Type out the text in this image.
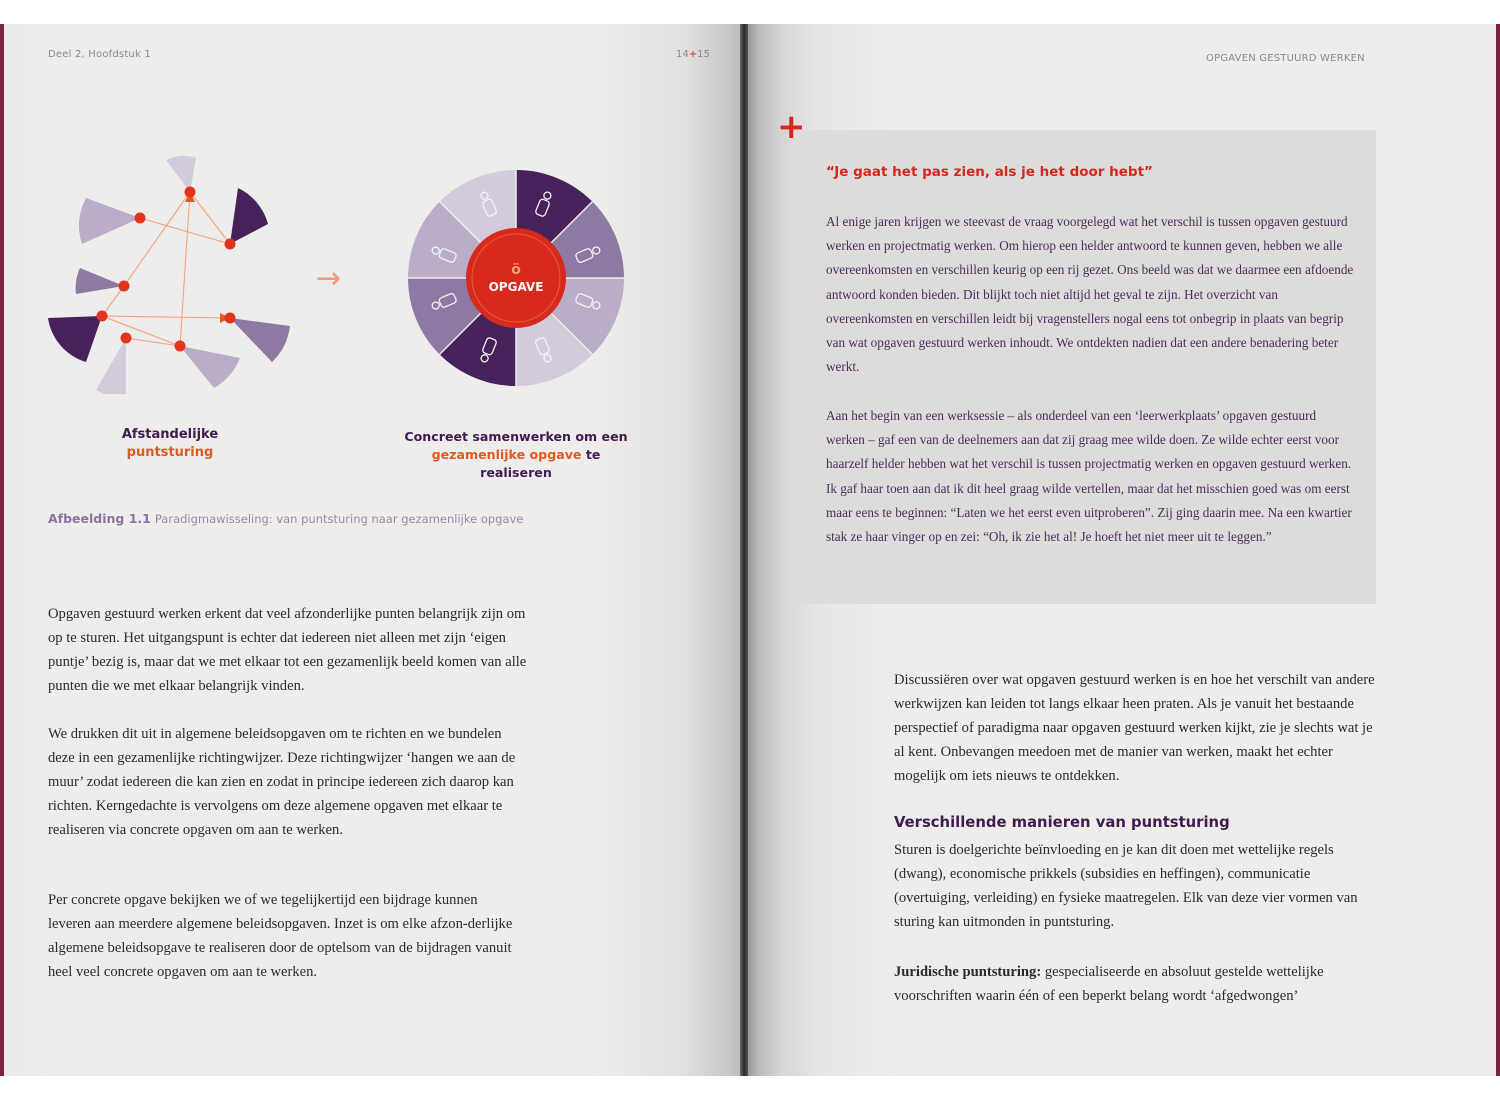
Deel 2, Hoofdstuk 1	14+15
Afstandelijke
puntsturing
→	OPGAVE
ö
Concreet samenwerken om een
gezamenlijke opgave te realiseren
Afbeelding 1.1 Paradigmawisseling: van puntsturing naar gezamenlijke opgave

Opgaven gestuurd werken erkent dat veel afzonderlijke punten belangrijk zijn om op te sturen. Het uitgangspunt is echter dat iedereen niet alleen met zijn ‘eigen puntje’ bezig is, maar dat we met elkaar tot een gezamenlijk beeld komen van alle punten die we met elkaar belangrijk vinden.

We drukken dit uit in algemene beleidsopgaven om te richten en we bundelen deze in een gezamenlijke richtingwijzer. Deze richtingwijzer ‘hangen we aan de muur’ zodat iedereen die kan zien en zodat in principe iedereen zich daarop kan richten. Kerngedachte is vervolgens om deze algemene opgaven met elkaar te realiseren via concrete opgaven om aan te werken.

Per concrete opgave bekijken we of we tegelijkertijd een bijdrage kunnen leveren aan meerdere algemene beleidsopgaven. Inzet is om elke afzon-derlijke algemene beleidsopgave te realiseren door de optelsom van de bijdragen vanuit heel veel concrete opgaven om aan te werken.

OPGAVEN GESTUURD WERKEN

Al enige jaren krijgen we steevast de vraag voorgelegd wat het verschil is tussen opgaven gestuurd werken en projectmatig werken. Om hierop een helder antwoord te kunnen geven, hebben we alle overeenkomsten en verschillen keurig op een rij gezet. Ons beeld was dat we daarmee een afdoende antwoord konden bieden. Dit blijkt toch niet altijd het geval te zijn. Het overzicht van overeenkomsten en verschillen leidt bij vragenstellers nogal eens tot onbegrip in plaats van begrip van wat opgaven gestuurd werken inhoudt. We ontdekten nadien dat een andere benadering beter werkt.

Aan het begin van een werksessie – als onderdeel van een ‘leerwerkplaats’ opgaven gestuurd werken – gaf een van de deelnemers aan dat zij graag mee wilde doen. Ze wilde echter eerst voor haarzelf helder hebben wat het verschil is tussen projectmatig werken en opgaven gestuurd werken. Ik gaf haar toen aan dat ik dit heel graag wilde vertellen, maar dat het misschien goed was om eerst maar eens te beginnen: “Laten we het eerst even uitproberen”. Zij ging daarin mee. Na een kwartier stak ze haar vinger op en zei: “Oh, ik zie het al! Je hoeft het niet meer uit te leggen.”

+
“Je gaat het pas zien, als je het door hebt”

Discussiëren over wat opgaven gestuurd werken is en hoe het verschilt van andere werkwijzen kan leiden tot langs elkaar heen praten. Als je vanuit het bestaande perspectief of paradigma naar opgaven gestuurd werken kijkt, zie je slechts wat je al kent. Onbevangen meedoen met de manier van werken, maakt het echter mogelijk om iets nieuws te ontdekken.

Verschillende manieren van puntsturing

Sturen is doelgerichte beïnvloeding en je kan dit doen met wettelijke regels (dwang), economische prikkels (subsidies en heffingen), communicatie (overtuiging, verleiding) en fysieke maatregelen. Elk van deze vier vormen van sturing kan uitmonden in puntsturing.

Juridische puntsturing: gespecialiseerde en absoluut gestelde wettelijke voorschriften waarin één of een beperkt belang wordt ‘afgedwongen’
